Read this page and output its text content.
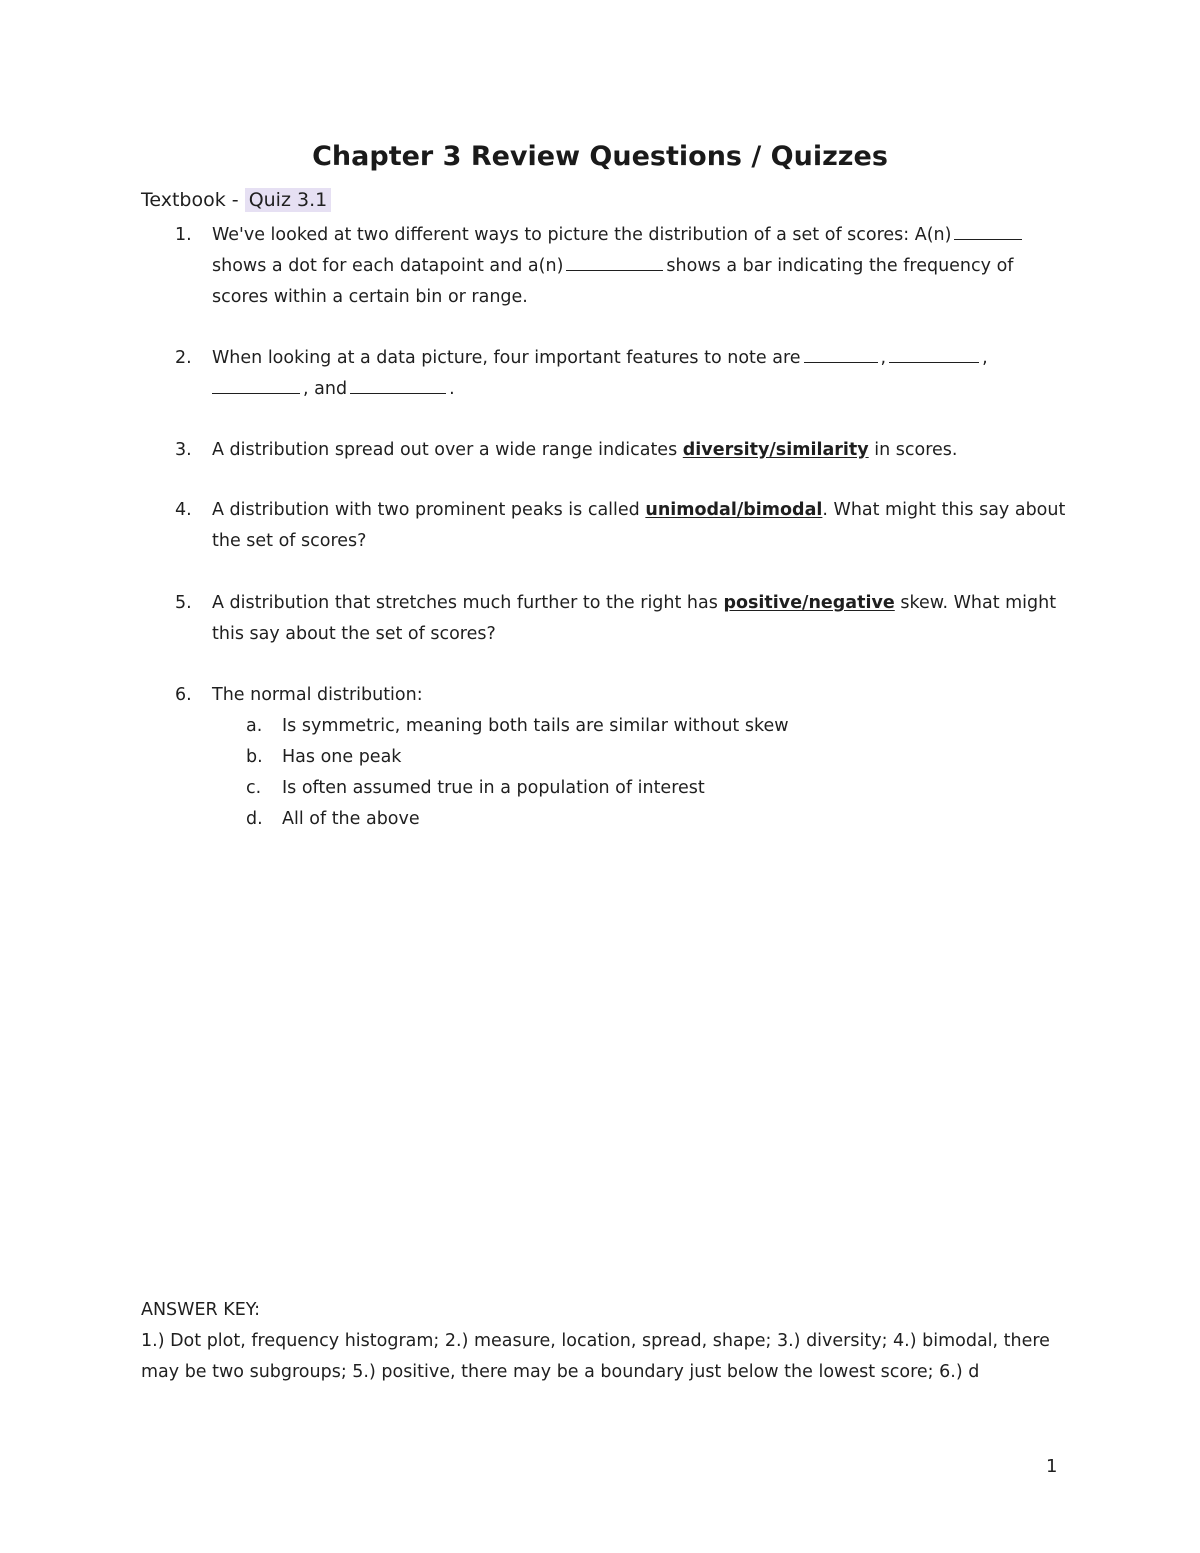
Chapter 3 Review Questions / Quizzes
Textbook - Quiz 3.1
1. We've looked at two different ways to picture the distribution of a set of scores: A(n)
shows a dot for each datapoint and a(n)	shows a bar indicating the frequency of
scores within a certain bin or range.
2. When looking at a data picture, four important features to note are	,	,
, and	.
3. A distribution spread out over a wide range indicates diversity/similarity in scores.
4. A distribution with two prominent peaks is called unimodal/bimodal. What might this say about
the set of scores?
5. A distribution that stretches much further to the right has positive/negative skew. What might
this say about the set of scores?
6. The normal distribution:
a. Is symmetric, meaning both tails are similar without skew
b. Has one peak
c. Is often assumed true in a population of interest
d. All of the above
ANSWER KEY:
1.) Dot plot, frequency histogram; 2.) measure, location, spread, shape; 3.) diversity; 4.) bimodal, there
may be two subgroups; 5.) positive, there may be a boundary just below the lowest score; 6.) d
1
